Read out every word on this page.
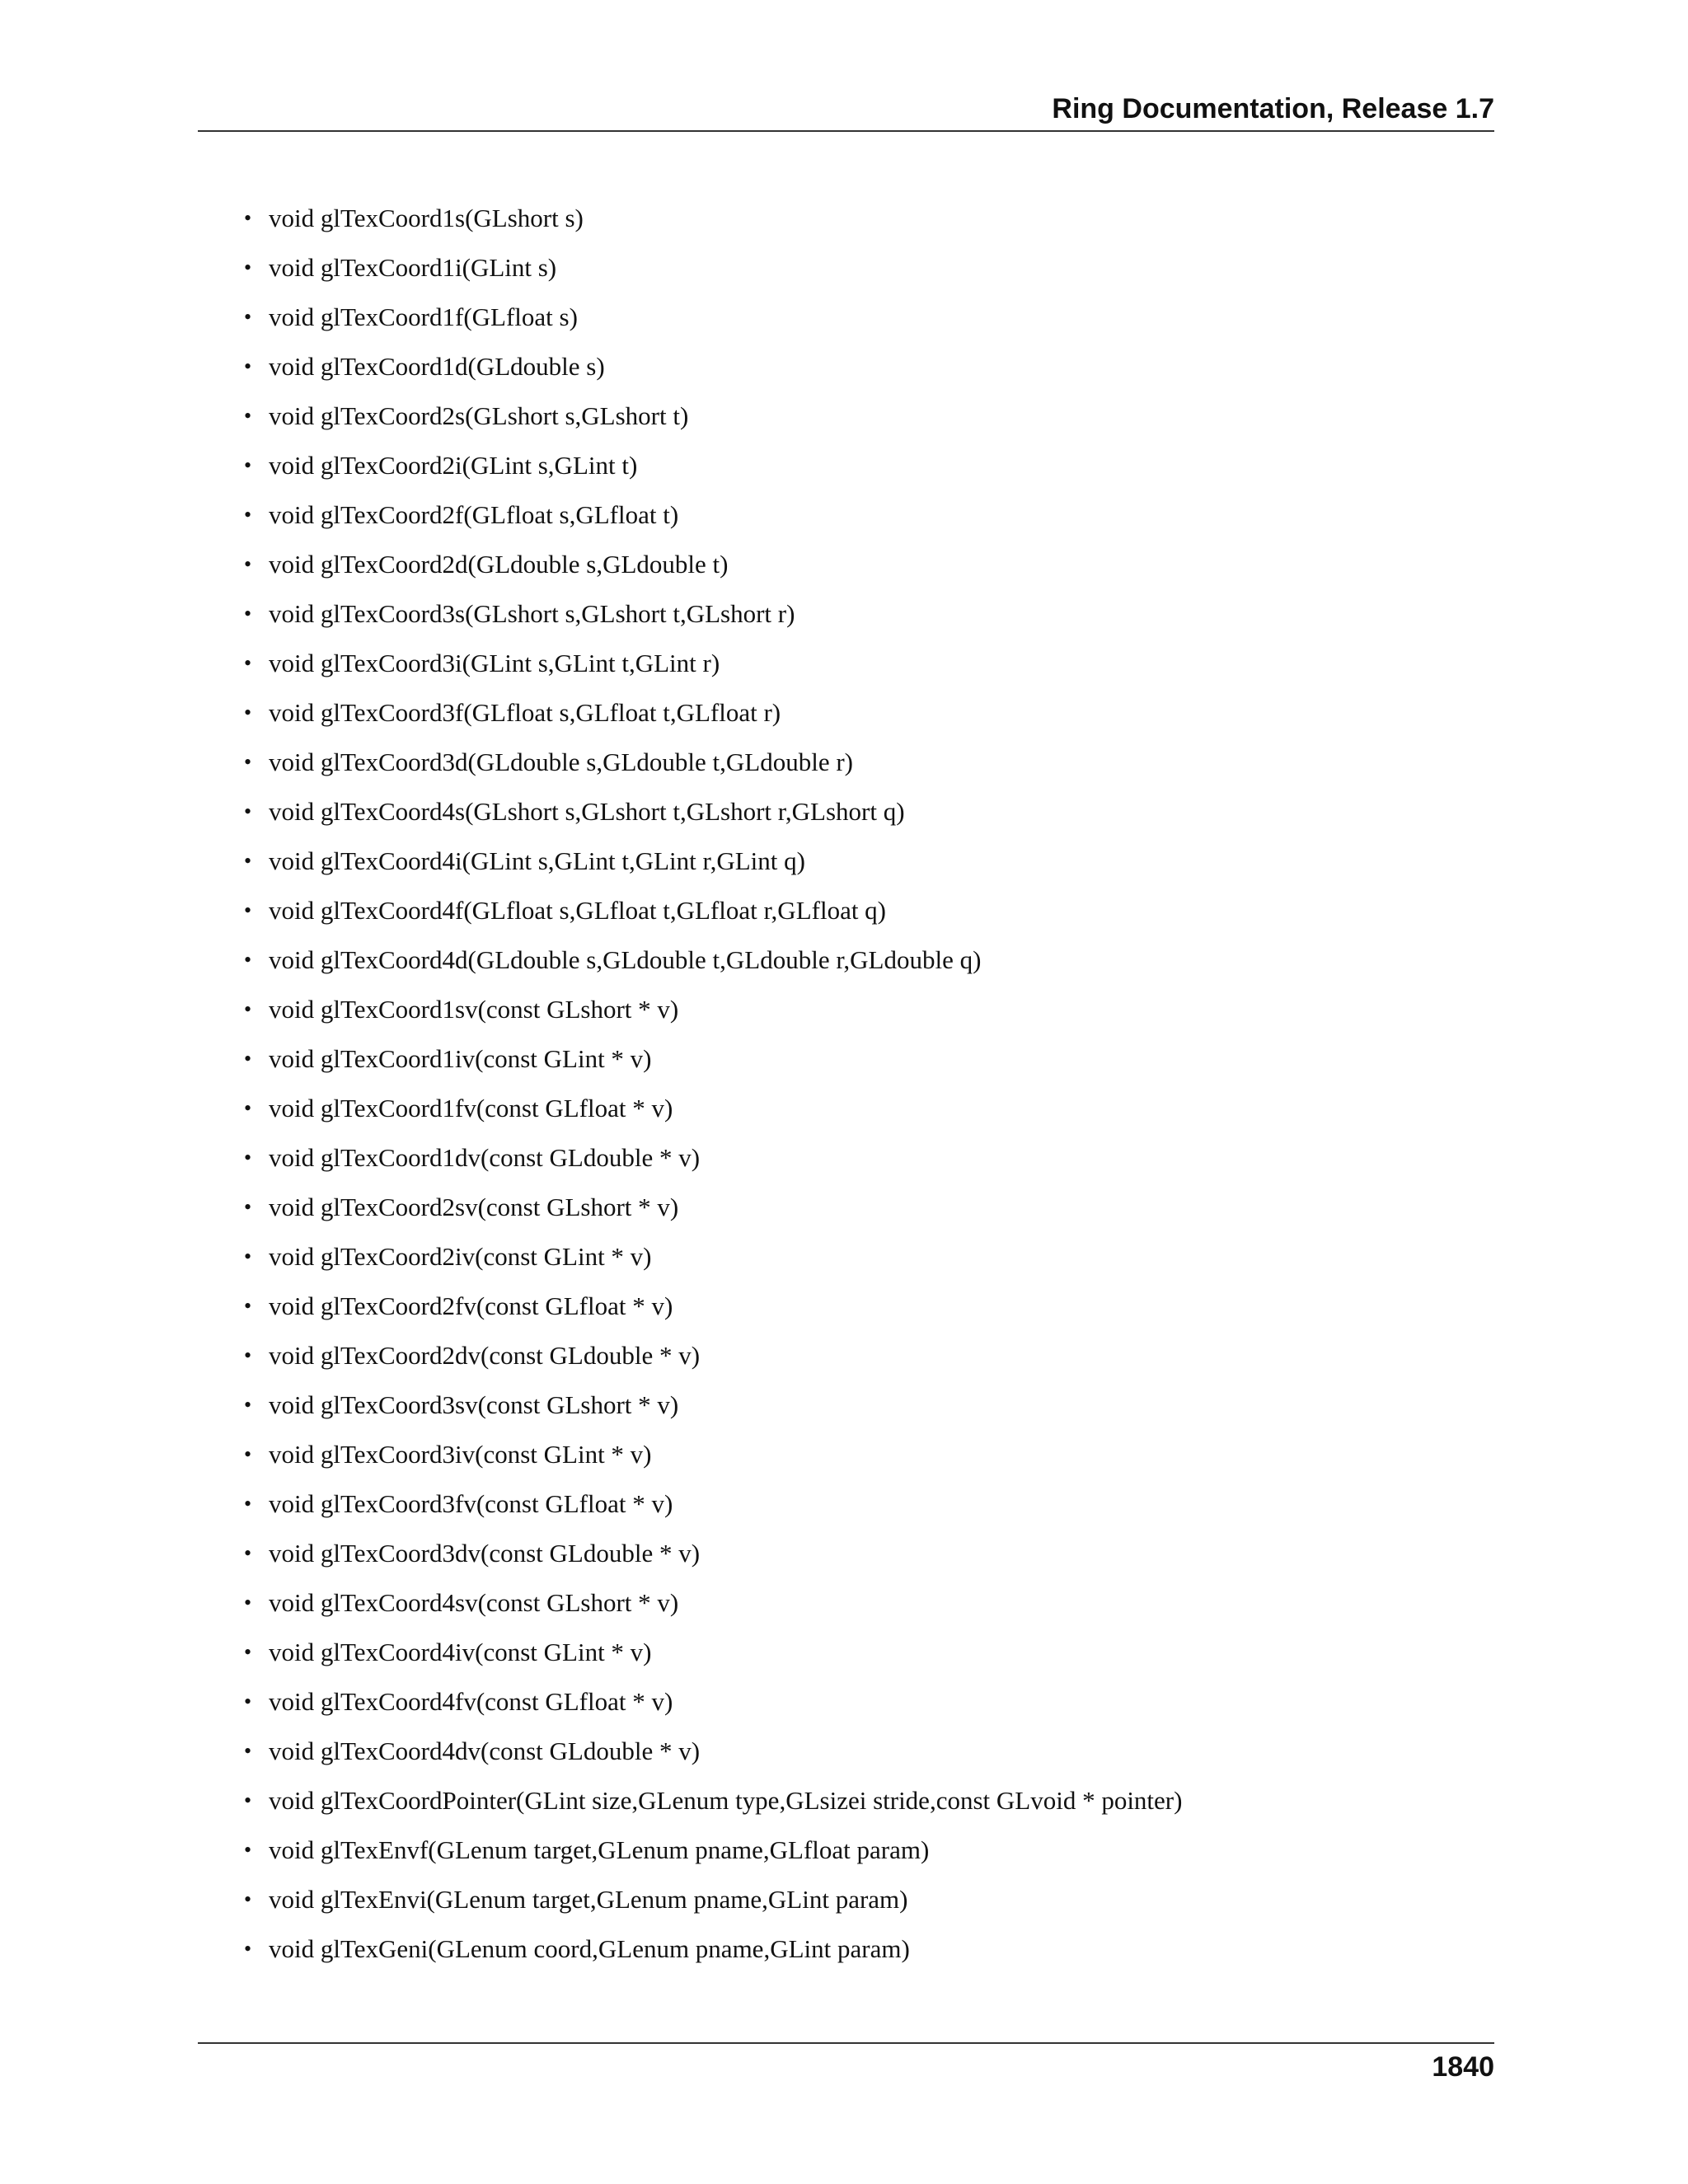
Ring Documentation, Release 1.7
• void glTexCoord1s(GLshort s)
• void glTexCoord1i(GLint s)
• void glTexCoord1f(GLfloat s)
• void glTexCoord1d(GLdouble s)
• void glTexCoord2s(GLshort s,GLshort t)
• void glTexCoord2i(GLint s,GLint t)
• void glTexCoord2f(GLfloat s,GLfloat t)
• void glTexCoord2d(GLdouble s,GLdouble t)
• void glTexCoord3s(GLshort s,GLshort t,GLshort r)
• void glTexCoord3i(GLint s,GLint t,GLint r)
• void glTexCoord3f(GLfloat s,GLfloat t,GLfloat r)
• void glTexCoord3d(GLdouble s,GLdouble t,GLdouble r)
• void glTexCoord4s(GLshort s,GLshort t,GLshort r,GLshort q)
• void glTexCoord4i(GLint s,GLint t,GLint r,GLint q)
• void glTexCoord4f(GLfloat s,GLfloat t,GLfloat r,GLfloat q)
• void glTexCoord4d(GLdouble s,GLdouble t,GLdouble r,GLdouble q)
• void glTexCoord1sv(const GLshort * v)
• void glTexCoord1iv(const GLint * v)
• void glTexCoord1fv(const GLfloat * v)
• void glTexCoord1dv(const GLdouble * v)
• void glTexCoord2sv(const GLshort * v)
• void glTexCoord2iv(const GLint * v)
• void glTexCoord2fv(const GLfloat * v)
• void glTexCoord2dv(const GLdouble * v)
• void glTexCoord3sv(const GLshort * v)
• void glTexCoord3iv(const GLint * v)
• void glTexCoord3fv(const GLfloat * v)
• void glTexCoord3dv(const GLdouble * v)
• void glTexCoord4sv(const GLshort * v)
• void glTexCoord4iv(const GLint * v)
• void glTexCoord4fv(const GLfloat * v)
• void glTexCoord4dv(const GLdouble * v)
• void glTexCoordPointer(GLint size,GLenum type,GLsizei stride,const GLvoid * pointer)
• void glTexEnvf(GLenum target,GLenum pname,GLfloat param)
• void glTexEnvi(GLenum target,GLenum pname,GLint param)
• void glTexGeni(GLenum coord,GLenum pname,GLint param)
1840
